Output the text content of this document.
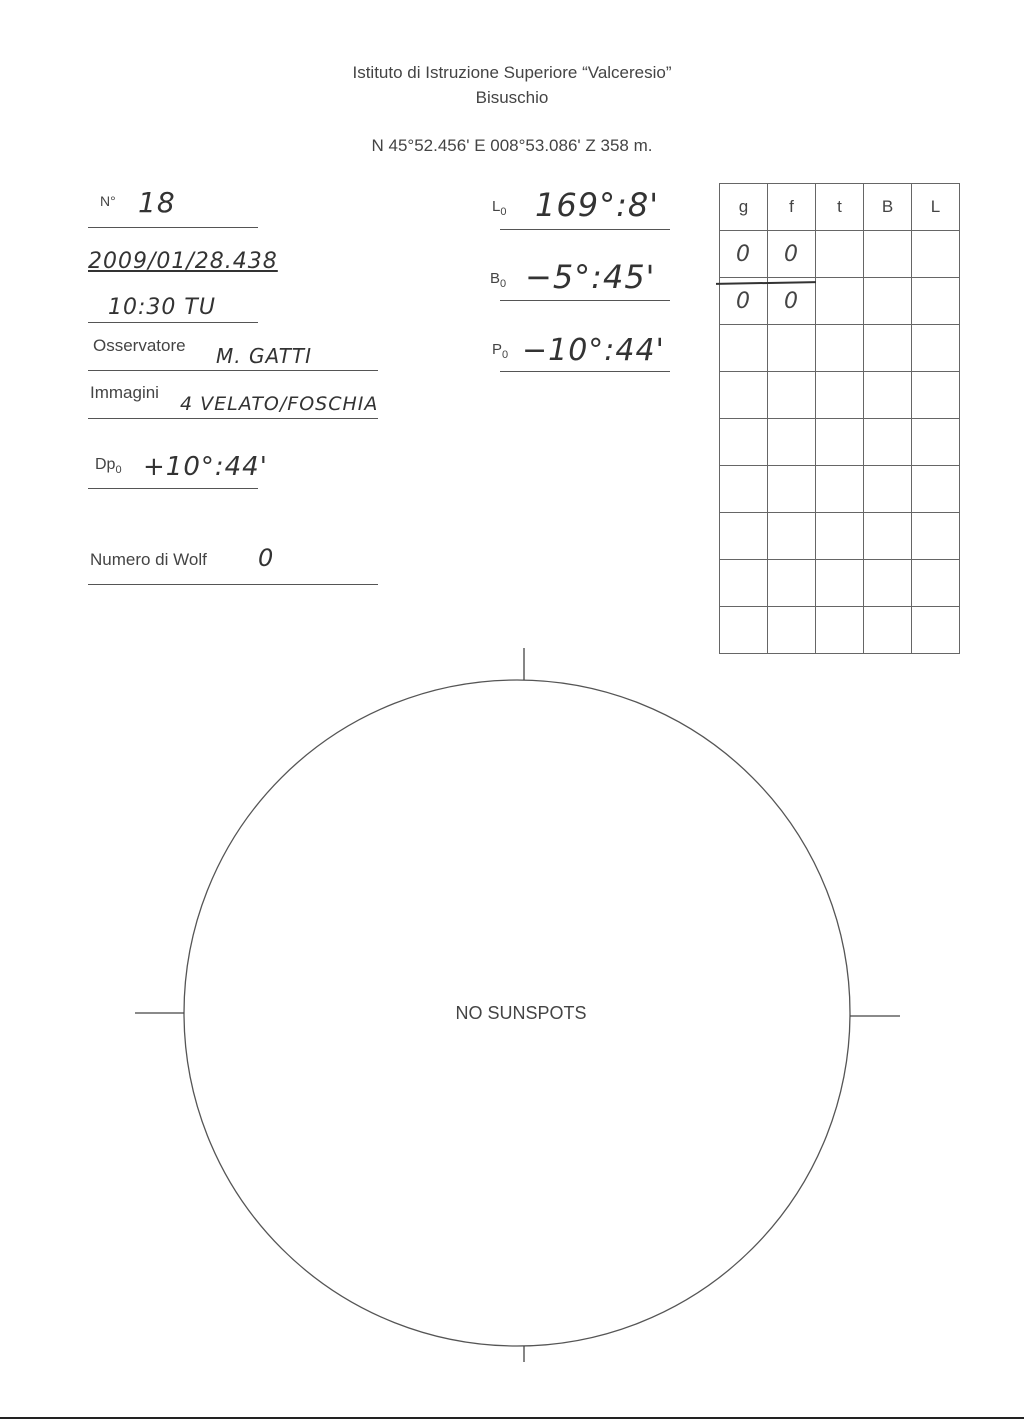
Istituto di Istruzione Superiore “Valceresio”
Bisuschio
N 45°52.456' E 008°53.086' Z 358 m.
N° 18
2009/01/28.438
10:30 TU
Osservatore M. GATTI
Immagini
4 VELATO/FOSCHIA
$Dp_0$ +10°:44'
Numero di Wolf 0
$L_0$ 169°:8'
$B_0$ −5°:45'
$P_0$ −10°:44'
g	f	t	B	L
0	0			
0	0			

NO SUNSPOTS
